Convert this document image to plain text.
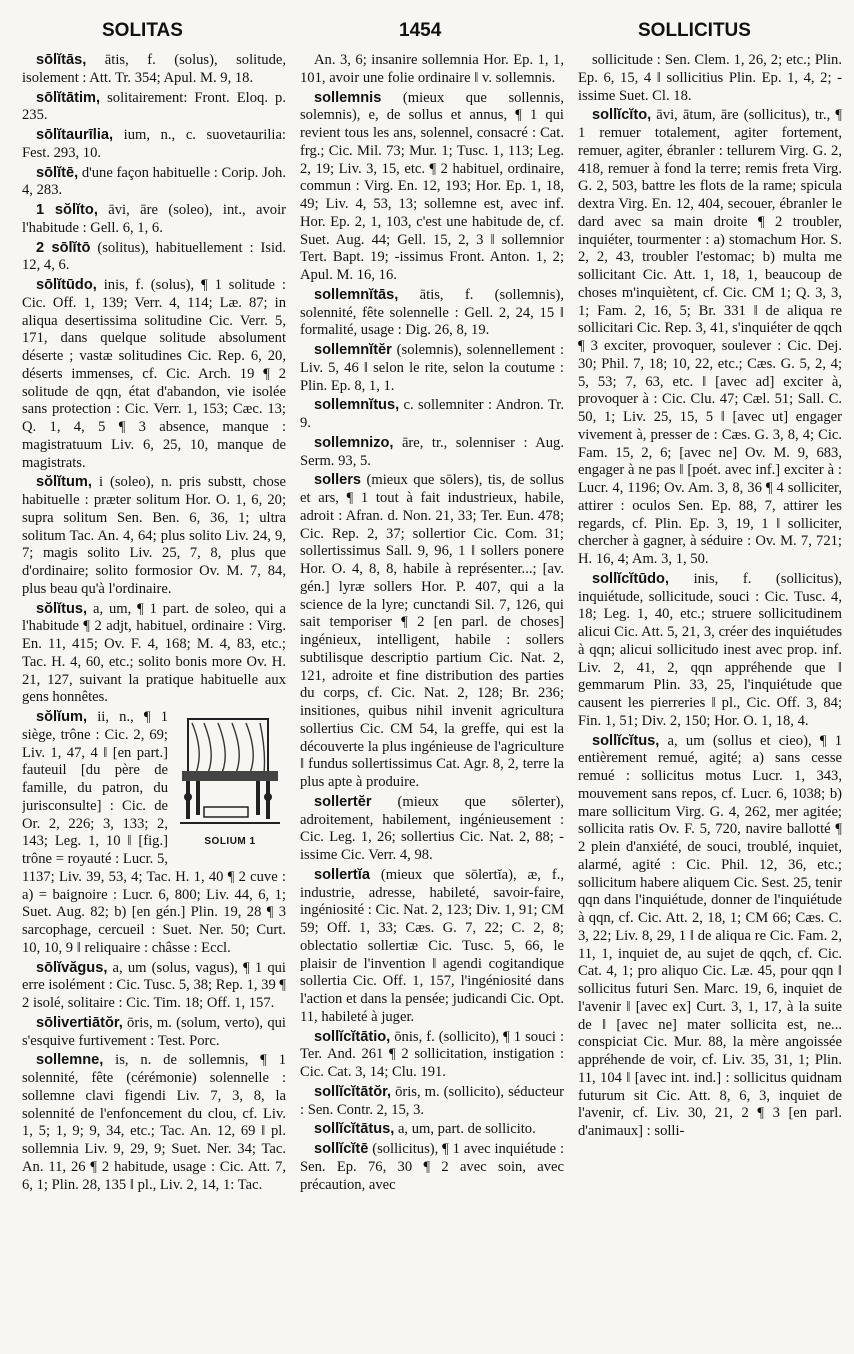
SOLITAS	1454	SOLLICITUS

sōlĭtās, ātis, f. (solus), solitude, isolement : Att. Tr. 354; Apul. M. 9, 18.

sōlĭtātim, solitairement: Front. Eloq. p. 235.

sōlĭtaurīlia, ium, n., c. suovetaurilia: Fest. 293, 10.

sōlĭtē, d'une façon habituelle : Corip. Joh. 4, 283.

1 sŏlĭto, āvi, āre (soleo), int., avoir l'habitude : Gell. 6, 1, 6.

2 sōlĭtō (solitus), habituellement : Isid. 12, 4, 6.

sōlĭtūdo, inis, f. (solus), ¶ 1 solitude : Cic. Off. 1, 139; Verr. 4, 114; Læ. 87; in aliqua desertissima solitudine Cic. Verr. 5, 171, dans quelque solitude absolument déserte ; vastæ solitudines Cic. Rep. 6, 20, déserts immenses, cf. Cic. Arch. 19 ¶ 2 solitude de qqn, état d'abandon, vie isolée sans protection : Cic. Verr. 1, 153; Cæc. 13; Q. 1, 4, 5 ¶ 3 absence, manque : magistratuum Liv. 6, 25, 10, manque de magistrats.

sŏlĭtum, i (soleo), n. pris substt, chose habituelle : præter solitum Hor. O. 1, 6, 20; supra solitum Sen. Ben. 6, 36, 1; ultra solitum Tac. An. 4, 64; plus solito Liv. 24, 9, 7; magis solito Liv. 25, 7, 8, plus que d'ordinaire; solito formosior Ov. M. 7, 84, plus beau qu'à l'ordinaire.

sŏlĭtus, a, um, ¶ 1 part. de soleo, qui a l'habitude ¶ 2 adjt, habituel, ordinaire : Virg. En. 11, 415; Ov. F. 4, 168; M. 4, 83, etc.; Tac. H. 4, 60, etc.; solito bonis more Ov. H. 21, 127, suivant la pratique habituelle aux gens honnêtes.

SOLIUM 1
sŏlĭum, ii, n., ¶ 1 siège, trône : Cic. 2, 69; Liv. 1, 47, 4 ‖ [en part.] fauteuil [du père de famille, du patron, du jurisconsulte] : Cic. de Or. 2, 226; 3, 133; 2, 143; Leg. 1, 10 ‖ [fig.] trône = royauté : Lucr. 5, 1137; Liv. 39, 53, 4; Tac. H. 1, 40 ¶ 2 cuve : a) = baignoire : Lucr. 6, 800; Liv. 44, 6, 1; Suet. Aug. 82; b) [en gén.] Plin. 19, 28 ¶ 3 sarcophage, cercueil : Suet. Ner. 50; Curt. 10, 10, 9 ‖ reliquaire : châsse : Eccl.

sōlĭvăgus, a, um (solus, vagus), ¶ 1 qui erre isolément : Cic. Tusc. 5, 38; Rep. 1, 39 ¶ 2 isolé, solitaire : Cic. Tim. 18; Off. 1, 157.

sōlivertiātŏr, ōris, m. (solum, verto), qui s'esquive furtivement : Test. Porc.

sollemne, is, n. de sollemnis, ¶ 1 solennité, fête (cérémonie) solennelle : sollemne clavi figendi Liv. 7, 3, 8, la solennité de l'enfoncement du clou, cf. Liv. 1, 5; 1, 9; 9, 34, etc.; Tac. An. 12, 69 ‖ pl. sollemnia Liv. 9, 29, 9; Suet. Ner. 34; Tac. An. 11, 26 ¶ 2 habitude, usage : Cic. Att. 7, 6, 1; Plin. 28, 135 ‖ pl., Liv. 2, 14, 1: Tac.

An. 3, 6; insanire sollemnia Hor. Ep. 1, 1, 101, avoir une folie ordinaire ‖ v. sollemnis.

sollemnis (mieux que sollennis, solemnis), e, de sollus et annus, ¶ 1 qui revient tous les ans, solennel, consacré : Cat. frg.; Cic. Mil. 73; Mur. 1; Tusc. 1, 113; Leg. 2, 19; Liv. 3, 15, etc. ¶ 2 habituel, ordinaire, commun : Virg. En. 12, 193; Hor. Ep. 1, 18, 49; Liv. 4, 53, 13; sollemne est, avec inf. Hor. Ep. 2, 1, 103, c'est une habitude de, cf. Suet. Aug. 44; Gell. 15, 2, 3 ‖ sollemnior Tert. Bapt. 19; -issimus Front. Anton. 1, 2; Apul. M. 16, 16.

sollemnĭtās, ātis, f. (sollemnis), solennité, fête solennelle : Gell. 2, 24, 15 ‖ formalité, usage : Dig. 26, 8, 19.

sollemnĭtĕr (solemnis), solennellement : Liv. 5, 46 ‖ selon le rite, selon la coutume : Plin. Ep. 8, 1, 1.

sollemnĭtus, c. sollemniter : Andron. Tr. 9.

sollemnizo, āre, tr., solenniser : Aug. Serm. 93, 5.

sollers (mieux que sōlers), tis, de sollus et ars, ¶ 1 tout à fait industrieux, habile, adroit : Afran. d. Non. 21, 33; Ter. Eun. 478; Cic. Rep. 2, 37; sollertior Cic. Com. 31; sollertissimus Sall. 9, 96, 1 ‖ sollers ponere Hor. O. 4, 8, 8, habile à représenter...; [av. gén.] lyræ sollers Hor. P. 407, qui a la science de la lyre; cunctandi Sil. 7, 126, qui sait temporiser ¶ 2 [en parl. de choses] ingénieux, intelligent, habile : sollers subtilisque descriptio partium Cic. Nat. 2, 121, adroite et fine distribution des parties du corps, cf. Cic. Nat. 2, 128; Br. 236; insitiones, quibus nihil invenit agricultura sollertius Cic. CM 54, la greffe, qui est la découverte la plus ingénieuse de l'agriculture ‖ fundus sollertissimus Cat. Agr. 8, 2, terre la plus apte à produire.

sollertĕr (mieux que sōlerter), adroitement, habilement, ingénieusement : Cic. Leg. 1, 26; sollertius Cic. Nat. 2, 88; -issime Cic. Verr. 4, 98.

sollertĭa (mieux que sōlertĭa), æ, f., industrie, adresse, habileté, savoir-faire, ingéniosité : Cic. Nat. 2, 123; Div. 1, 91; CM 59; Off. 1, 33; Cæs. G. 7, 22; C. 2, 8; oblectatio sollertiæ Cic. Tusc. 5, 66, le plaisir de l'invention ‖ agendi cogitandique sollertia Cic. Off. 1, 157, l'ingéniosité dans l'action et dans la pensée; judicandi Cic. Opt. 11, habileté à juger.

sollĭcĭtātio, ōnis, f. (sollicito), ¶ 1 souci : Ter. And. 261 ¶ 2 sollicitation, instigation : Cic. Cat. 3, 14; Clu. 191.

sollĭcĭtātŏr, ōris, m. (sollicito), séducteur : Sen. Contr. 2, 15, 3.

sollĭcĭtātus, a, um, part. de sollicito.

sollĭcĭtē (sollicitus), ¶ 1 avec inquiétude : Sen. Ep. 76, 30 ¶ 2 avec soin, avec précaution, avec

sollicitude : Sen. Clem. 1, 26, 2; etc.; Plin. Ep. 6, 15, 4 ‖ sollicitius Plin. Ep. 1, 4, 2; -issime Suet. Cl. 18.

sollĭcĭto, āvi, ātum, āre (sollicitus), tr., ¶ 1 remuer totalement, agiter fortement, remuer, agiter, ébranler : tellurem Virg. G. 2, 418, remuer à fond la terre; remis freta Virg. G. 2, 503, battre les flots de la rame; spicula dextra Virg. En. 12, 404, secouer, ébranler le dard avec sa main droite ¶ 2 troubler, inquiéter, tourmenter : a) stomachum Hor. S. 2, 2, 43, troubler l'estomac; b) multa me sollicitant Cic. Att. 1, 18, 1, beaucoup de choses m'inquiètent, cf. Cic. CM 1; Q. 3, 3, 1; Fam. 2, 16, 5; Br. 331 ‖ de aliqua re sollicitari Cic. Rep. 3, 41, s'inquiéter de qqch ¶ 3 exciter, provoquer, soulever : Cic. Dej. 30; Phil. 7, 18; 10, 22, etc.; Cæs. G. 5, 2, 4; 5, 53; 7, 63, etc. ‖ [avec ad] exciter à, provoquer à : Cic. Clu. 47; Cæl. 51; Sall. C. 50, 1; Liv. 25, 15, 5 ‖ [avec ut] engager vivement à, presser de : Cæs. G. 3, 8, 4; Cic. Fam. 15, 2, 6; [avec ne] Ov. M. 9, 683, engager à ne pas ‖ [poét. avec inf.] exciter à : Lucr. 4, 1196; Ov. Am. 3, 8, 36 ¶ 4 solliciter, attirer : oculos Sen. Ep. 88, 7, attirer les regards, cf. Plin. Ep. 3, 19, 1 ‖ solliciter, chercher à gagner, à séduire : Ov. M. 7, 721; H. 16, 4; Am. 3, 1, 50.

sollĭcĭtūdo, inis, f. (sollicitus), inquiétude, sollicitude, souci : Cic. Tusc. 4, 18; Leg. 1, 40, etc.; struere sollicitudinem alicui Cic. Att. 5, 21, 3, créer des inquiétudes à qqn; alicui sollicitudo inest avec prop. inf. Liv. 2, 41, 2, qqn appréhende que ‖ gemmarum Plin. 33, 25, l'inquiétude que causent les pierreries ‖ pl., Cic. Off. 3, 84; Fin. 1, 51; Div. 2, 150; Hor. O. 1, 18, 4.

sollĭcĭtus, a, um (sollus et cieo), ¶ 1 entièrement remué, agité; a) sans cesse remué : sollicitus motus Lucr. 1, 343, mouvement sans repos, cf. Lucr. 6, 1038; b) mare sollicitum Virg. G. 4, 262, mer agitée; sollicita ratis Ov. F. 5, 720, navire ballotté ¶ 2 plein d'anxiété, de souci, troublé, inquiet, alarmé, agité : Cic. Phil. 12, 36, etc.; sollicitum habere aliquem Cic. Sest. 25, tenir qqn dans l'inquiétude, donner de l'inquiétude à qqn, cf. Cic. Att. 2, 18, 1; CM 66; Cæs. C. 3, 22; Liv. 8, 29, 1 ‖ de aliqua re Cic. Fam. 2, 11, 1, inquiet de, au sujet de qqch, cf. Cic. Cat. 4, 1; pro aliquo Cic. Læ. 45, pour qqn ‖ sollicitus futuri Sen. Marc. 19, 6, inquiet de l'avenir ‖ [avec ex] Curt. 3, 1, 17, à la suite de ‖ [avec ne] mater sollicita est, ne... conspiciat Cic. Mur. 88, la mère angoissée appréhende de voir, cf. Liv. 35, 31, 1; Plin. 11, 104 ‖ [avec int. ind.] : sollicitus quidnam futurum sit Cic. Att. 8, 6, 3, inquiet de l'avenir, cf. Liv. 30, 21, 2 ¶ 3 [en parl. d'animaux] : solli-
